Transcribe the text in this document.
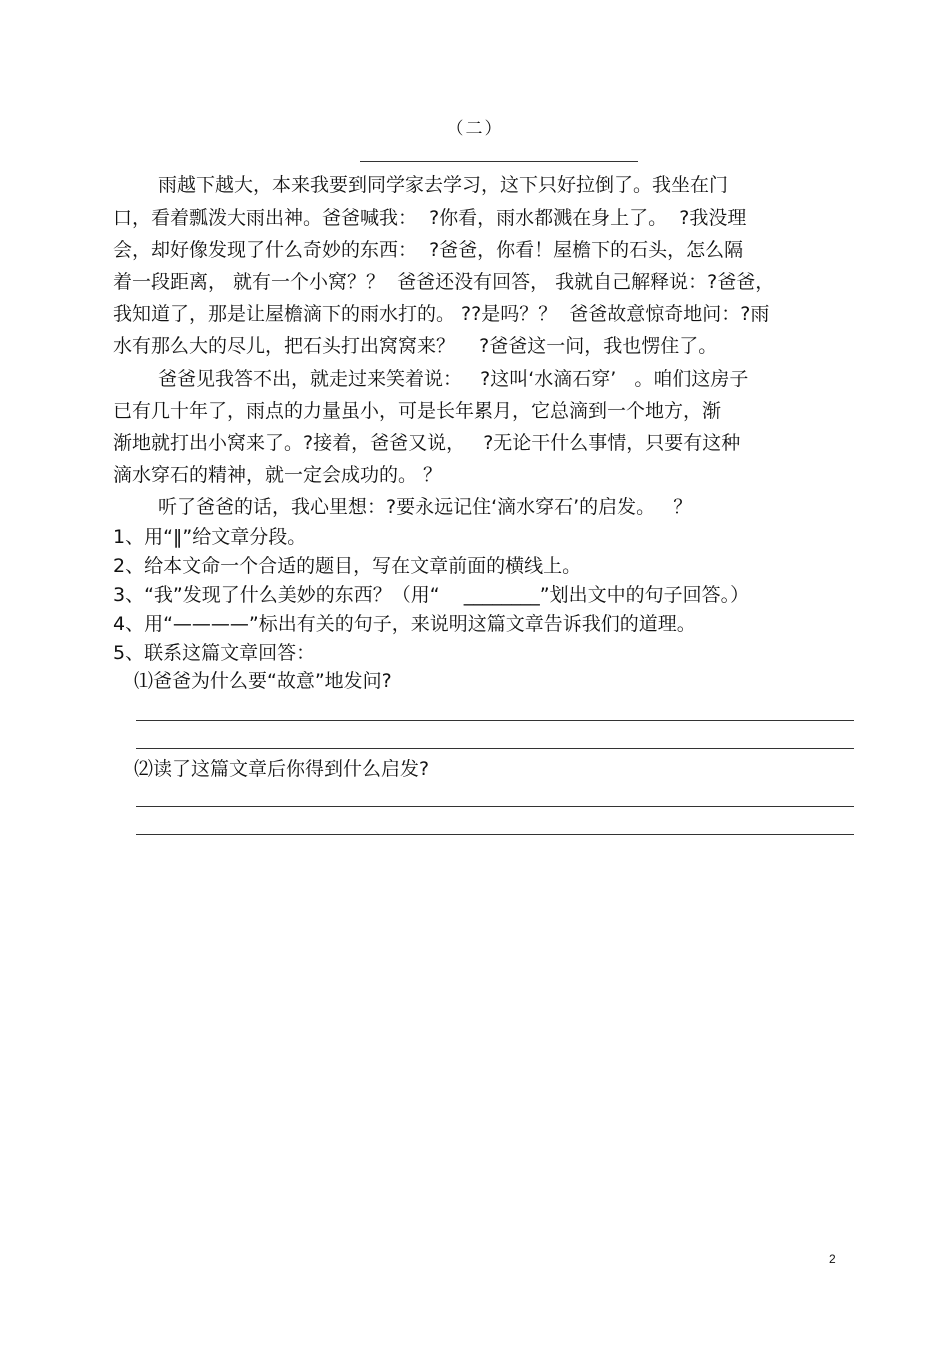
（二）
雨越下越大，本来我要到同学家去学习，这下只好拉倒了。我坐在门
口，看着瓢泼大雨出神。爸爸喊我：  ?你看，雨水都溅在身上了。  ?我没理
会，却好像发现了什么奇妙的东西：  ?爸爸，你看！屋檐下的石头，怎么隔
着一段距离， 就有一个小窝？？  爸爸还没有回答， 我就自己解释说：?爸爸，
我知道了，那是让屋檐滴下的雨水打的。 ??是吗？？  爸爸故意惊奇地问：?雨
水有那么大的尽儿，把石头打出窝窝来？    ?爸爸这一问，我也愣住了。
爸爸见我答不出，就走过来笑着说：   ?这叫‘水滴石穿’   。咱们这房子
已有几十年了，雨点的力量虽小，可是长年累月，它总滴到一个地方，渐
渐地就打出小窝来了。?接着，爸爸又说，   ?无论干什么事情，只要有这种
滴水穿石的精神，就一定会成功的。 ？
听了爸爸的话，我心里想：?要永远记住‘滴水穿石’的启发。   ？
1、用“‖”给文章分段。
2、给本文命一个合适的题目，写在文章前面的横线上。
3、“我”发现了什么美妙的东西？（用“    ________”划出文中的句子回答。）
4、用“————”标出有关的句子，来说明这篇文章告诉我们的道理。
5、联系这篇文章回答：
⑴爸爸为什么要“故意”地发问?
⑵读了这篇文章后你得到什么启发?
2
